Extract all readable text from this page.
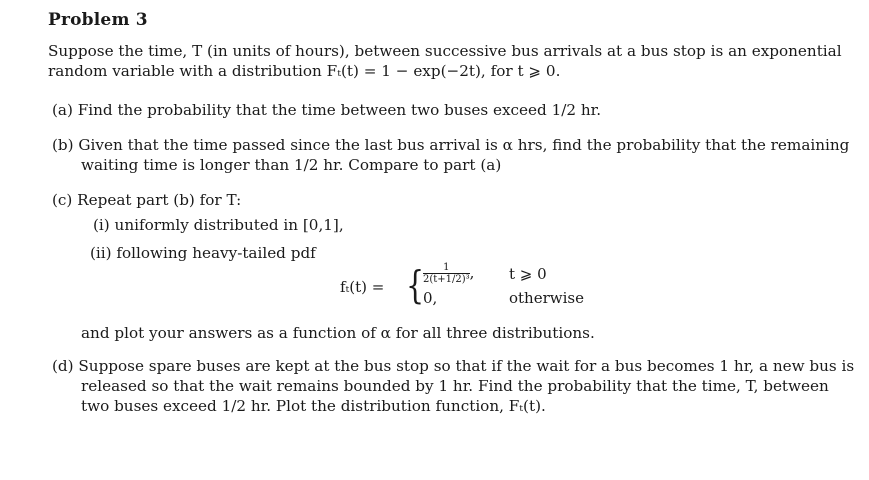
Problem 3
Suppose the time, T (in units of hours), between successive bus arrivals at a bus stop is an exponential
random variable with a distribution Fₜ(t) = 1 − exp(−2t), for t ⩾ 0.
(a) Find the probability that the time between two buses exceed 1/2 hr.
(b) Given that the time passed since the last bus arrival is α hrs, find the probability that the remaining
waiting time is longer than 1/2 hr. Compare to part (a)
(c) Repeat part (b) for T:
(i) uniformly distributed in [0,1],
(ii) following heavy-tailed pdf
fₜ(t) = {
$\frac{1}{\text{2(t+1/2)³}}$ , t ⩾ 0
0,	otherwise
and plot your answers as a function of α for all three distributions.
(d) Suppose spare buses are kept at the bus stop so that if the wait for a bus becomes 1 hr, a new bus is
released so that the wait remains bounded by 1 hr. Find the probability that the time, T, between
two buses exceed 1/2 hr. Plot the distribution function, Fₜ(t).
